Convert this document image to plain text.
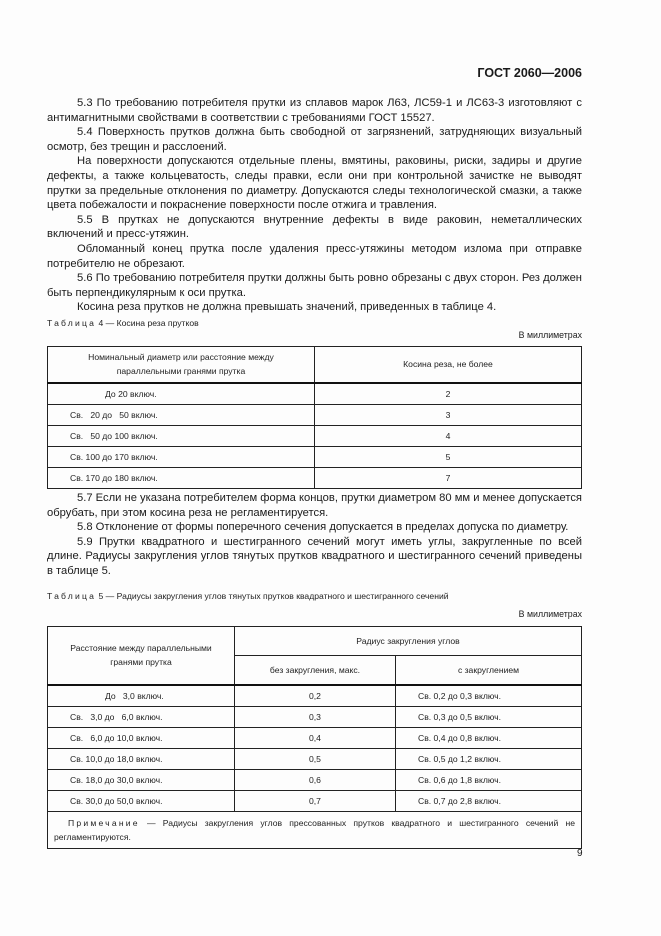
ГОСТ 2060—2006

5.3 По требованию потребителя прутки из сплавов марок Л63, ЛС59-1 и ЛС63-3 изготовляют с антимагнитными свойствами в соответствии с требованиями ГОСТ 15527.

5.4 Поверхность прутков должна быть свободной от загрязнений, затрудняющих визуальный осмотр, без трещин и расслоений.

На поверхности допускаются отдельные плены, вмятины, раковины, риски, задиры и другие дефекты, а также кольцеватость, следы правки, если они при контрольной зачистке не выводят прутки за предельные отклонения по диаметру. Допускаются следы технологической смазки, а также цвета побежалости и покраснение поверхности после отжига и травления.

5.5 В прутках не допускаются внутренние дефекты в виде раковин, неметаллических включений и пресс-утяжин.

Обломанный конец прутка после удаления пресс-утяжины методом излома при отправке потребителю не обрезают.

5.6 По требованию потребителя прутки должны быть ровно обрезаны с двух сторон. Рез должен быть перпендикулярным к оси прутка.

Косина реза прутков не должна превышать значений, приведенных в таблице 4.

Таблица 4 — Косина реза прутков
В миллиметрах
Номинальный диаметр или расстояние между параллельными гранями прутка	Косина реза, не более
До 20 включ.	2
Св.   20 до   50 включ.	3
Св.   50 до 100 включ.	4
Св. 100 до 170 включ.	5
Св. 170 до 180 включ.	7

5.7 Если не указана потребителем форма концов, прутки диаметром 80 мм и менее допускается обрубать, при этом косина реза не регламентируется.

5.8 Отклонение от формы поперечного сечения допускается в пределах допуска по диаметру.

5.9 Прутки квадратного и шестигранного сечений могут иметь углы, закругленные по всей длине. Радиусы закругления углов тянутых прутков квадратного и шестигранного сечений приведены в таблице 5.

Таблица 5 — Радиусы закругления углов тянутых прутков квадратного и шестигранного сечений
В миллиметрах
Расстояние между параллельными гранями прутка	Радиус закругления углов	
	без закругления, макс.	с закруглением
До   3,0 включ.	0,2	Св. 0,2 до 0,3 включ.
Св.   3,0 до   6,0 включ.	0,3	Св. 0,3 до 0,5 включ.
Св.   6,0 до 10,0 включ.	0,4	Св. 0,4 до 0,8 включ.
Св. 10,0 до 18,0 включ.	0,5	Св. 0,5 до 1,2 включ.
Св. 18,0 до 30,0 включ.	0,6	Св. 0,6 до 1,8 включ.
Св. 30,0 до 50,0 включ.	0,7	Св. 0,7 до 2,8 включ.
Примечание — Радиусы закругления углов прессованных прутков квадратного и шестигранного сечений не регламентируются.		
9
